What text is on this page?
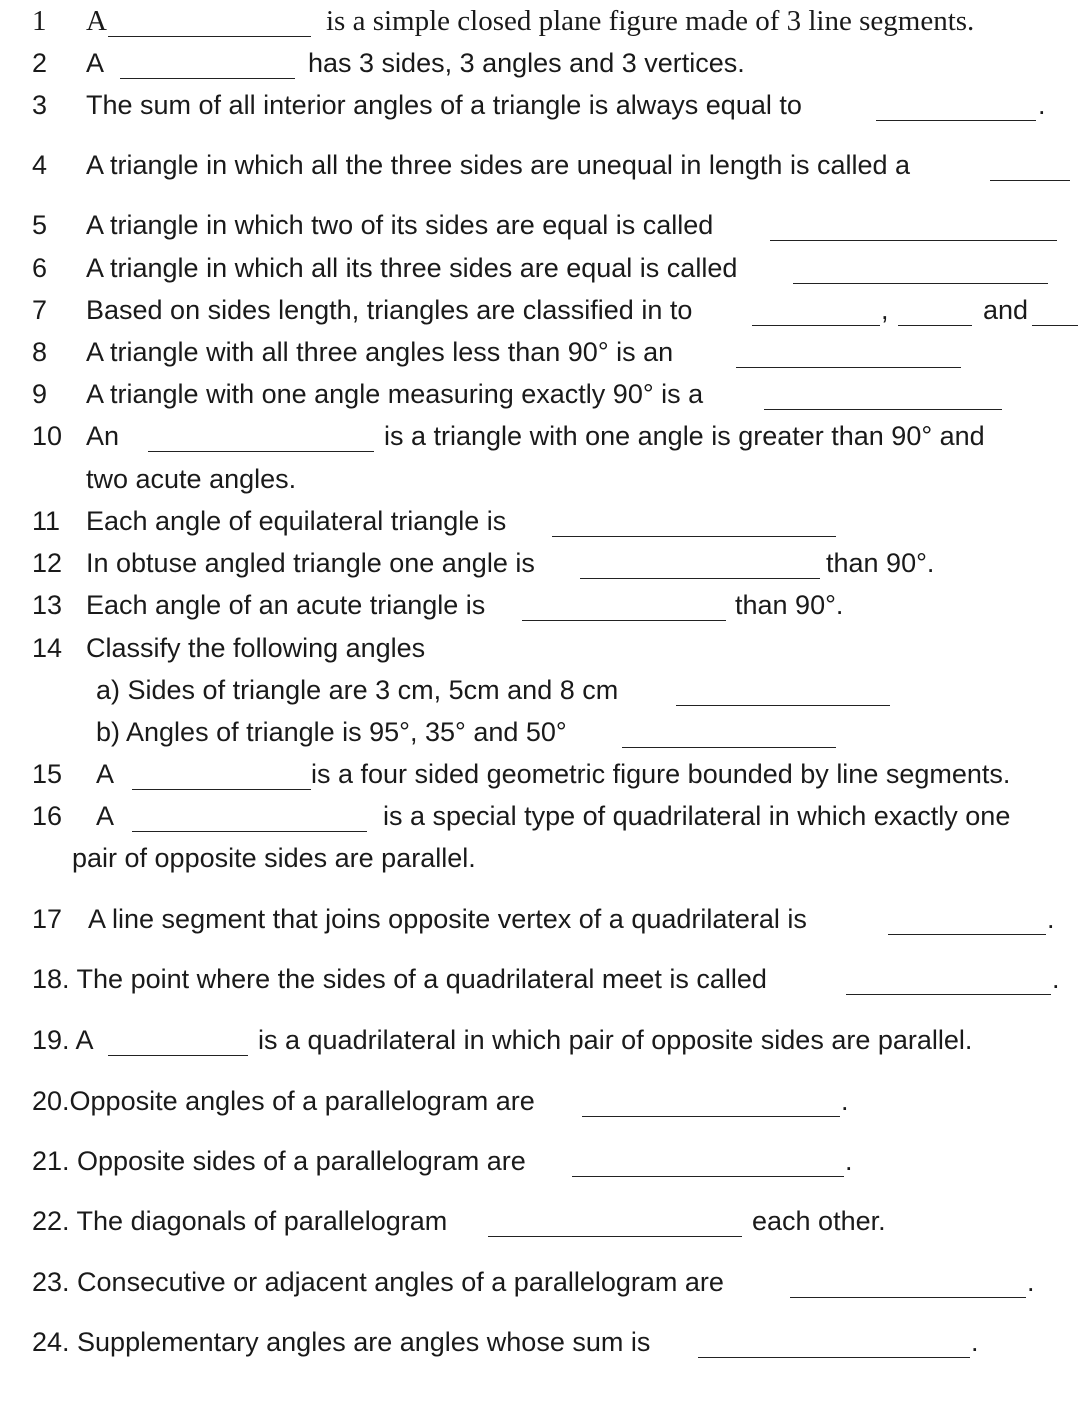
1 A	is a simple closed plane figure made of 3 line segments.
2 A	has 3 sides, 3 angles and 3 vertices.
3 The sum of all interior angles of a triangle is always equal to	.
4 A triangle in which all the three sides are unequal in length is called a
5 A triangle in which two of its sides are equal is called
6 A triangle in which all its three sides are equal is called
7 Based on sides length, triangles are classified in to	,	and
8 A triangle with all three angles less than 90° is an
9 A triangle with one angle measuring exactly 90° is a
10 An	is a triangle with one angle is greater than 90° and
two acute angles.
11 Each angle of equilateral triangle is
12 In obtuse angled triangle one angle is	than 90°.
13 Each angle of an acute triangle is	than 90°.
14 Classify the following angles
a) Sides of triangle are 3 cm, 5cm and 8 cm
b) Angles of triangle is 95°, 35° and 50°
15 A	is a four sided geometric figure bounded by line segments.
16 A	is a special type of quadrilateral in which exactly one
pair of opposite sides are parallel.
17 A line segment that joins opposite vertex of a quadrilateral is	.
18. The point where the sides of a quadrilateral meet is called	.
19. A	is a quadrilateral in which pair of opposite sides are parallel.
20.Opposite angles of a parallelogram are	.
21. Opposite sides of a parallelogram are	.
22. The diagonals of parallelogram	each other.
23. Consecutive or adjacent angles of a parallelogram are	.
24. Supplementary angles are angles whose sum is	.
